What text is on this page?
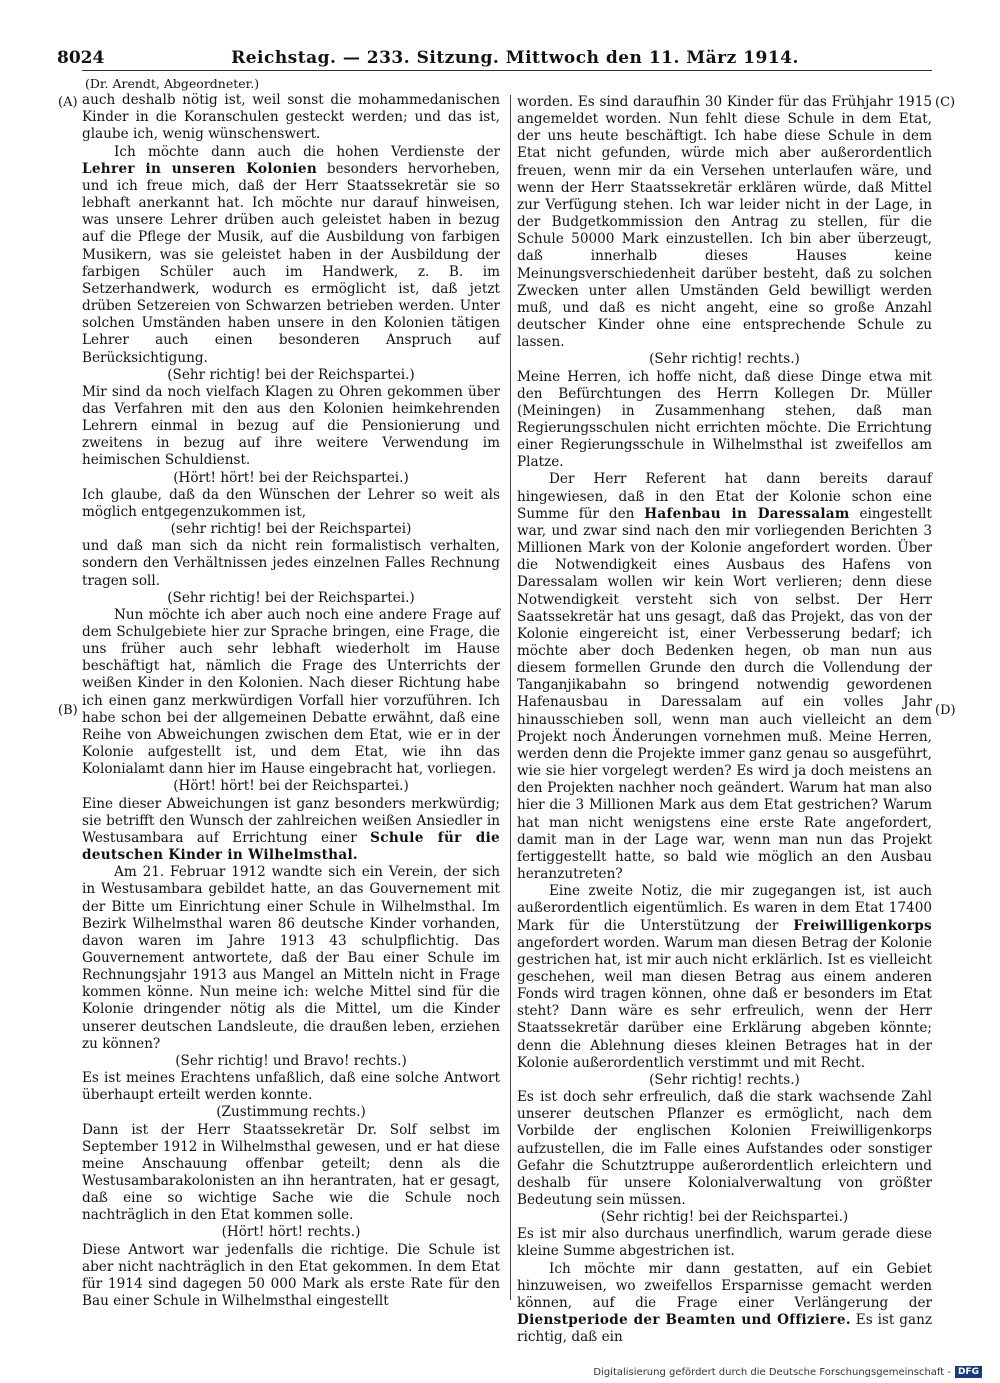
8024	Reichstag. — 233. Sitzung. Mittwoch den 11. März 1914.
(A)
(B)
(C)
(D)

(Dr. Arendt, Abgeordneter.)

auch deshalb nötig ist, weil sonst die mohammedanischen Kinder in die Koranschulen gesteckt werden; und das ist, glaube ich, wenig wünschenswert.

Ich möchte dann auch die hohen Verdienste der Lehrer in unseren Kolonien besonders hervorheben, und ich freue mich, daß der Herr Staatssekretär sie so lebhaft anerkannt hat. Ich möchte nur darauf hinweisen, was unsere Lehrer drüben auch geleistet haben in bezug auf die Pflege der Musik, auf die Ausbildung von farbigen Musikern, was sie geleistet haben in der Ausbildung der farbigen Schüler auch im Handwerk, z. B. im Setzerhandwerk, wodurch es ermöglicht ist, daß jetzt drüben Setzereien von Schwarzen betrieben werden. Unter solchen Umständen haben unsere in den Kolonien tätigen Lehrer auch einen besonderen Anspruch auf Berücksichtigung.

(Sehr richtig! bei der Reichspartei.)

Mir sind da noch vielfach Klagen zu Ohren gekommen über das Verfahren mit den aus den Kolonien heimkehrenden Lehrern einmal in bezug auf die Pensionierung und zweitens in bezug auf ihre weitere Verwendung im heimischen Schuldienst.

(Hört! hört! bei der Reichspartei.)

Ich glaube, daß da den Wünschen der Lehrer so weit als möglich entgegenzukommen ist,

(sehr richtig! bei der Reichspartei)

und daß man sich da nicht rein formalistisch verhalten, sondern den Verhältnissen jedes einzelnen Falles Rechnung tragen soll.

(Sehr richtig! bei der Reichspartei.)

Nun möchte ich aber auch noch eine andere Frage auf dem Schulgebiete hier zur Sprache bringen, eine Frage, die uns früher auch sehr lebhaft wiederholt im Hause beschäftigt hat, nämlich die Frage des Unterrichts der weißen Kinder in den Kolonien. Nach dieser Richtung habe ich einen ganz merkwürdigen Vorfall hier vorzuführen. Ich habe schon bei der allgemeinen Debatte erwähnt, daß eine Reihe von Abweichungen zwischen dem Etat, wie er in der Kolonie aufgestellt ist, und dem Etat, wie ihn das Kolonialamt dann hier im Hause eingebracht hat, vorliegen.

(Hört! hört! bei der Reichspartei.)

Eine dieser Abweichungen ist ganz besonders merkwürdig; sie betrifft den Wunsch der zahlreichen weißen Ansiedler in Westusambara auf Errichtung einer Schule für die deutschen Kinder in Wilhelmsthal.

Am 21. Februar 1912 wandte sich ein Verein, der sich in Westusambara gebildet hatte, an das Gouvernement mit der Bitte um Einrichtung einer Schule in Wilhelmsthal. Im Bezirk Wilhelmsthal waren 86 deutsche Kinder vorhanden, davon waren im Jahre 1913 43 schulpflichtig. Das Gouvernement antwortete, daß der Bau einer Schule im Rechnungsjahr 1913 aus Mangel an Mitteln nicht in Frage kommen könne. Nun meine ich: welche Mittel sind für die Kolonie dringender nötig als die Mittel, um die Kinder unserer deutschen Landsleute, die draußen leben, erziehen zu können?

(Sehr richtig! und Bravo! rechts.)

Es ist meines Erachtens unfaßlich, daß eine solche Antwort überhaupt erteilt werden konnte.

(Zustimmung rechts.)

Dann ist der Herr Staatssekretär Dr. Solf selbst im September 1912 in Wilhelmsthal gewesen, und er hat diese meine Anschauung offenbar geteilt; denn als die Westusambarakolonisten an ihn herantraten, hat er gesagt, daß eine so wichtige Sache wie die Schule noch nachträglich in den Etat kommen solle.

(Hört! hört! rechts.)

Diese Antwort war jedenfalls die richtige. Die Schule ist aber nicht nachträglich in den Etat gekommen. In dem Etat für 1914 sind dagegen 50 000 Mark als erste Rate für den Bau einer Schule in Wilhelmsthal eingestellt

worden. Es sind daraufhin 30 Kinder für das Frühjahr 1915 angemeldet worden. Nun fehlt diese Schule in dem Etat, der uns heute beschäftigt. Ich habe diese Schule in dem Etat nicht gefunden, würde mich aber außerordentlich freuen, wenn mir da ein Versehen unterlaufen wäre, und wenn der Herr Staatssekretär erklären würde, daß Mittel zur Verfügung stehen. Ich war leider nicht in der Lage, in der Budgetkommission den Antrag zu stellen, für die Schule 50000 Mark einzustellen. Ich bin aber überzeugt, daß innerhalb dieses Hauses keine Meinungsverschiedenheit darüber besteht, daß zu solchen Zwecken unter allen Umständen Geld bewilligt werden muß, und daß es nicht angeht, eine so große Anzahl deutscher Kinder ohne eine entsprechende Schule zu lassen.

(Sehr richtig! rechts.)

Meine Herren, ich hoffe nicht, daß diese Dinge etwa mit den Befürchtungen des Herrn Kollegen Dr. Müller (Meiningen) in Zusammenhang stehen, daß man Regierungsschulen nicht errichten möchte. Die Errichtung einer Regierungsschule in Wilhelmsthal ist zweifellos am Platze.

Der Herr Referent hat dann bereits darauf hingewiesen, daß in den Etat der Kolonie schon eine Summe für den Hafenbau in Daressalam eingestellt war, und zwar sind nach den mir vorliegenden Berichten 3 Millionen Mark von der Kolonie angefordert worden. Über die Notwendigkeit eines Ausbaus des Hafens von Daressalam wollen wir kein Wort verlieren; denn diese Notwendigkeit versteht sich von selbst. Der Herr Saatssekretär hat uns gesagt, daß das Projekt, das von der Kolonie eingereicht ist, einer Verbesserung bedarf; ich möchte aber doch Bedenken hegen, ob man nun aus diesem formellen Grunde den durch die Vollendung der Tanganjikabahn so bringend notwendig gewordenen Hafenausbau in Daressalam auf ein volles Jahr hinausschieben soll, wenn man auch vielleicht an dem Projekt noch Änderungen vornehmen muß. Meine Herren, werden denn die Projekte immer ganz genau so ausgeführt, wie sie hier vorgelegt werden? Es wird ja doch meistens an den Projekten nachher noch geändert. Warum hat man also hier die 3 Millionen Mark aus dem Etat gestrichen? Warum hat man nicht wenigstens eine erste Rate angefordert, damit man in der Lage war, wenn man nun das Projekt fertiggestellt hatte, so bald wie möglich an den Ausbau heranzutreten?

Eine zweite Notiz, die mir zugegangen ist, ist auch außerordentlich eigentümlich. Es waren in dem Etat 17400 Mark für die Unterstützung der Freiwilligenkorps angefordert worden. Warum man diesen Betrag der Kolonie gestrichen hat, ist mir auch nicht erklärlich. Ist es vielleicht geschehen, weil man diesen Betrag aus einem anderen Fonds wird tragen können, ohne daß er besonders im Etat steht? Dann wäre es sehr erfreulich, wenn der Herr Staatssekretär darüber eine Erklärung abgeben könnte; denn die Ablehnung dieses kleinen Betrages hat in der Kolonie außerordentlich verstimmt und mit Recht.

(Sehr richtig! rechts.)

Es ist doch sehr erfreulich, daß die stark wachsende Zahl unserer deutschen Pflanzer es ermöglicht, nach dem Vorbilde der englischen Kolonien Freiwilligenkorps aufzustellen, die im Falle eines Aufstandes oder sonstiger Gefahr die Schutztruppe außerordentlich erleichtern und deshalb für unsere Kolonialverwaltung von größter Bedeutung sein müssen.

(Sehr richtig! bei der Reichspartei.)

Es ist mir also durchaus unerfindlich, warum gerade diese kleine Summe abgestrichen ist.

Ich möchte mir dann gestatten, auf ein Gebiet hinzuweisen, wo zweifellos Ersparnisse gemacht werden können, auf die Frage einer Verlängerung der Dienstperiode der Beamten und Offiziere. Es ist ganz richtig, daß ein

Digitalisierung gefördert durch die Deutsche Forschungsgemeinschaft - DFG
